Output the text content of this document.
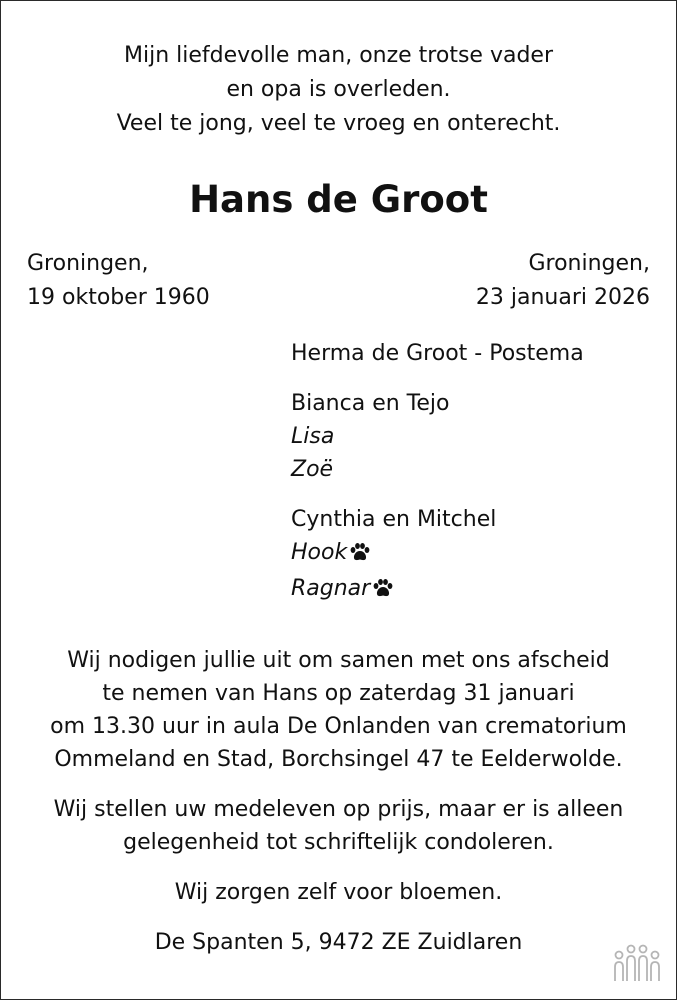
Mijn liefdevolle man, onze trotse vader
en opa is overleden.
Veel te jong, veel te vroeg en onterecht.
Hans de Groot
Groningen,
19 oktober 1960
Groningen,
23 januari 2026
Herma de Groot - Postema
Bianca en Tejo
Lisa
Zoë
Cynthia en Mitchel
Hook
Ragnar
Wij nodigen jullie uit om samen met ons afscheid
te nemen van Hans op zaterdag 31 januari
om 13.30 uur in aula De Onlanden van crematorium
Ommeland en Stad, Borchsingel 47 te Eelderwolde.
Wij stellen uw medeleven op prijs, maar er is alleen
gelegenheid tot schriftelijk condoleren.
Wij zorgen zelf voor bloemen.
De Spanten 5, 9472 ZE Zuidlaren
